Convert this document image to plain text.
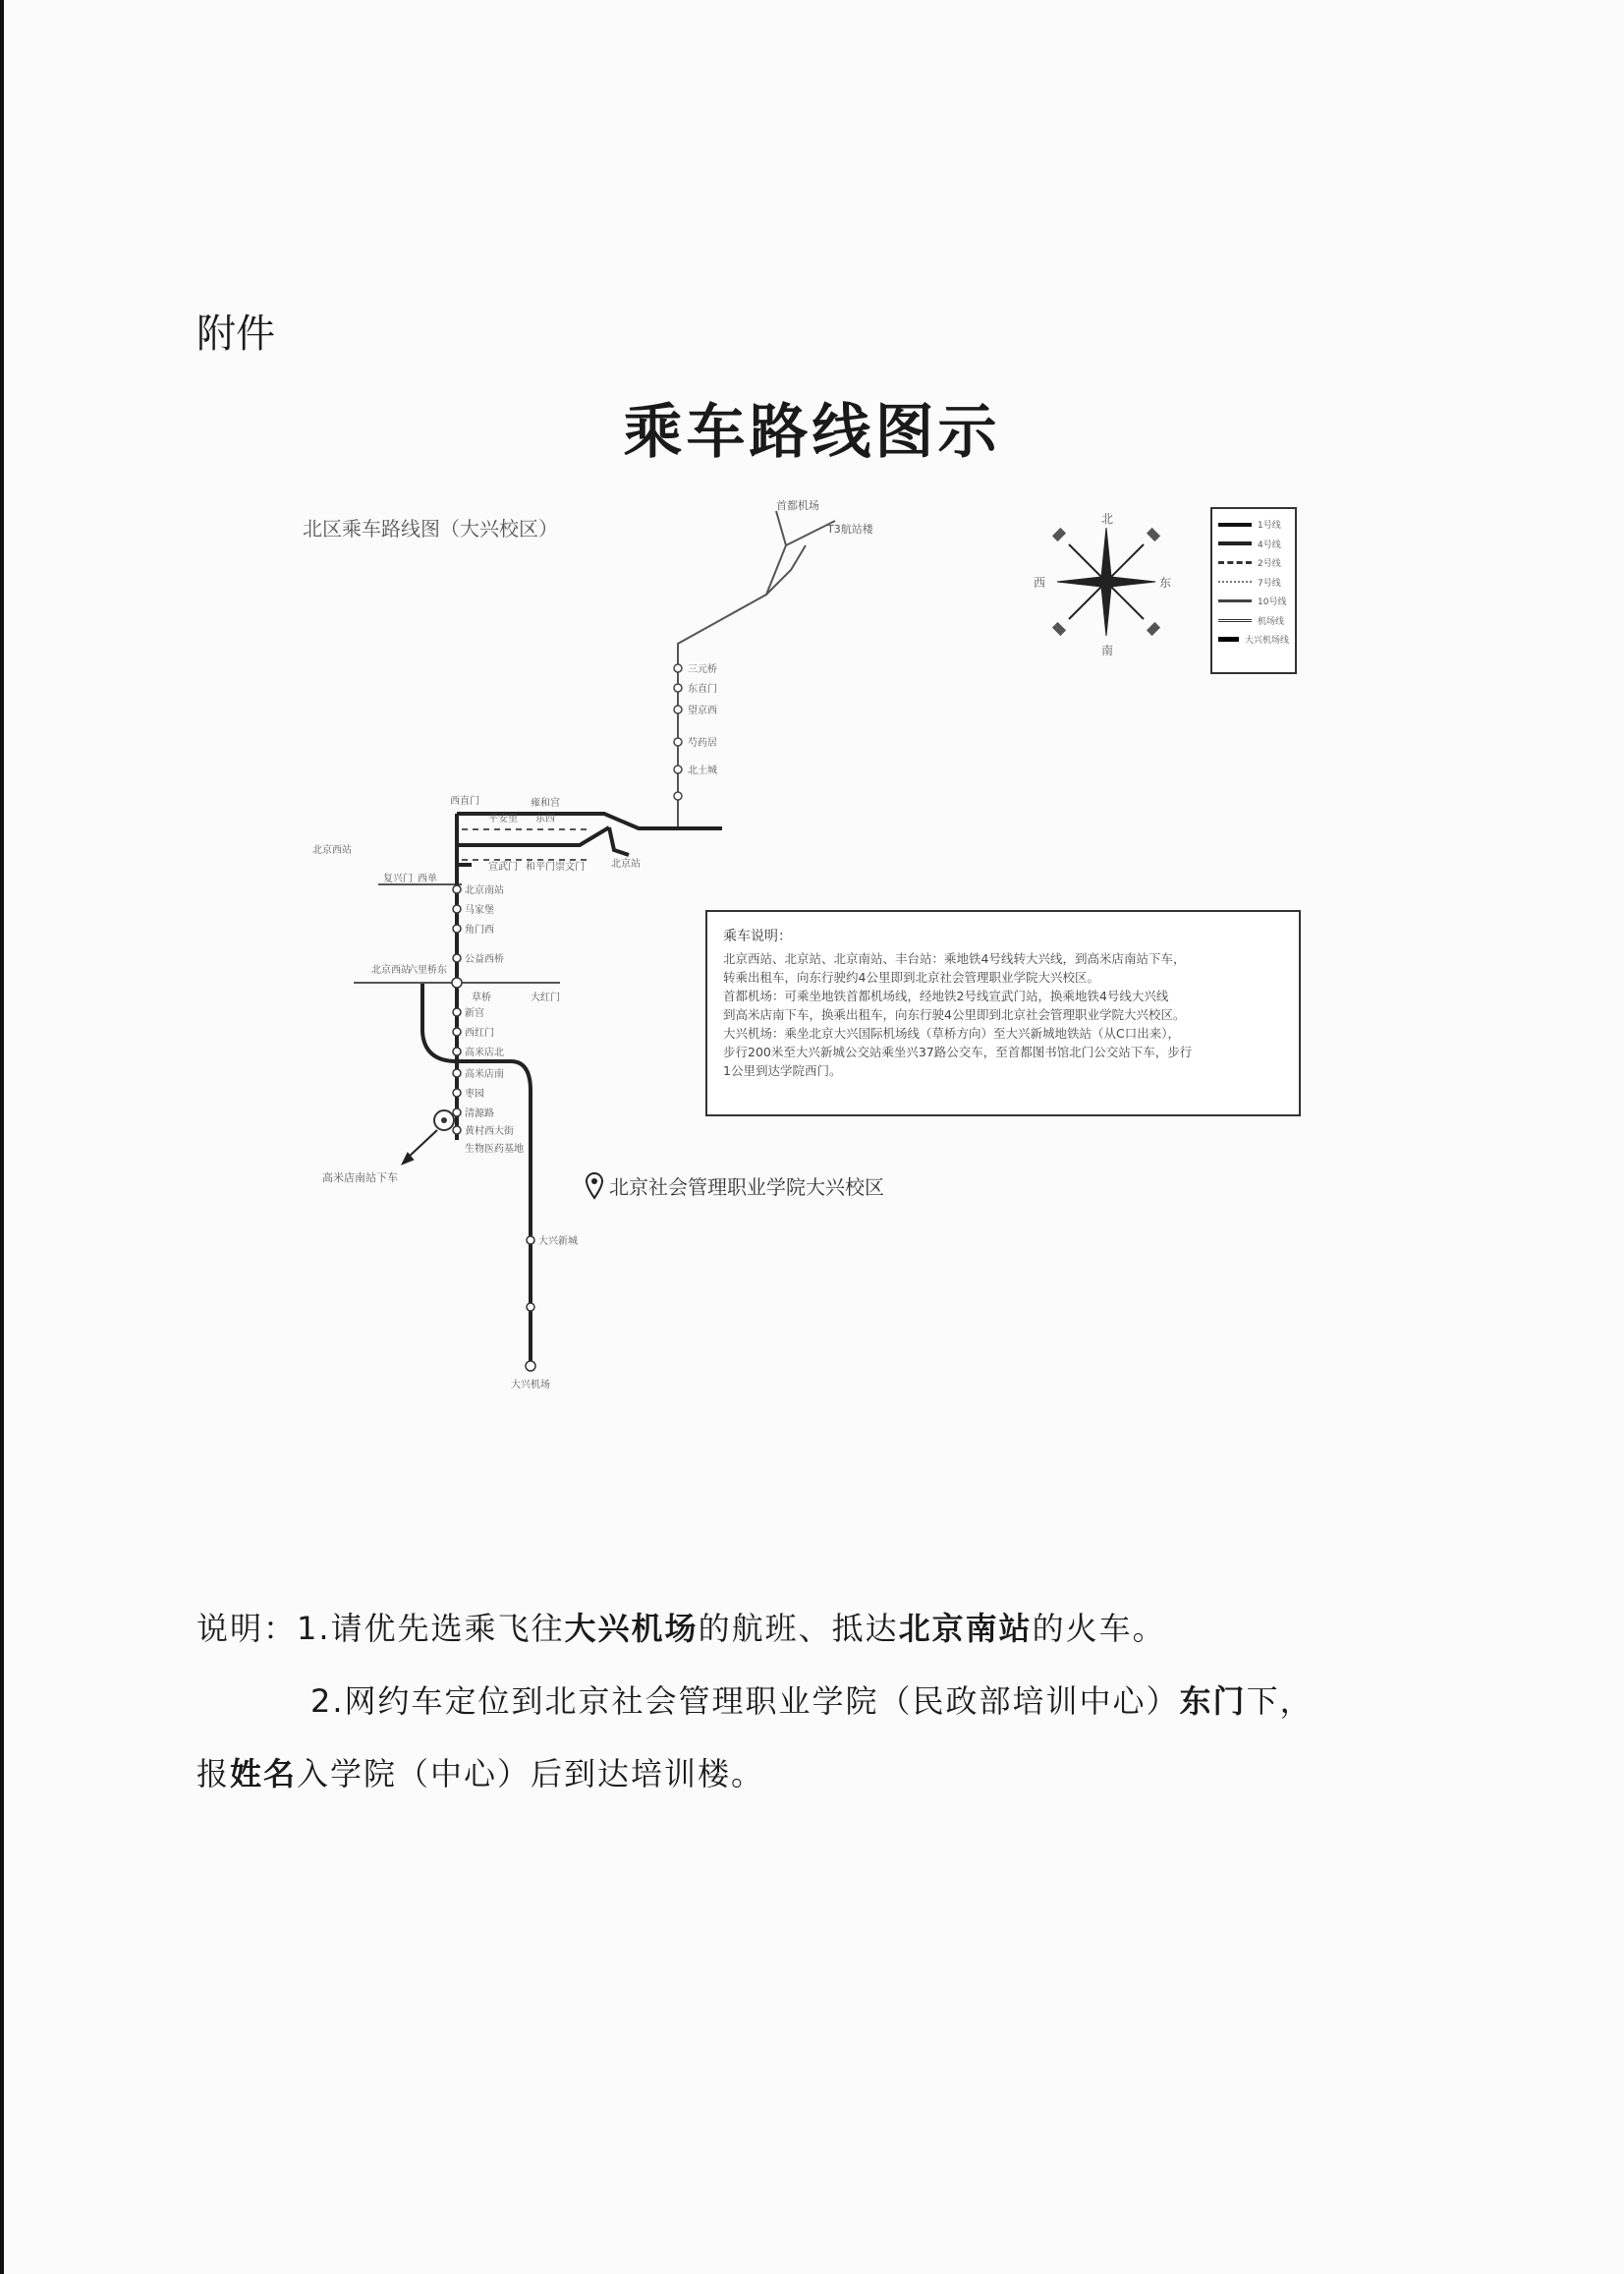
附件
乘车路线图示
北区乘车路线图（大兴校区）
首都机场
T3航站楼
三元桥
东直门
望京西
芍药居
北土城
西直门
平安里 东四
雍和宫
宣武门 和平门 崇文门	北京站
复兴门 西单
北京西站
北京西站
六里桥东
草桥	大红门
北京南站
马家堡
角门西
公益西桥
新宫
西红门
高米店北
高米店南
枣园
清源路
黄村西大街
生物医药基地
大兴新城
大兴机场
高米店南站下车
北
南
西	东
1号线
4号线
2号线
7号线
10号线
机场线
大兴机场线
乘车说明：
北京西站、北京站、北京南站、丰台站：乘地铁4号线转大兴线，到高米店南站下车，
转乘出租车，向东行驶约4公里即到北京社会管理职业学院大兴校区。
首都机场：可乘坐地铁首都机场线，经地铁2号线宣武门站，换乘地铁4号线大兴线
到高米店南下车，换乘出租车，向东行驶4公里即到北京社会管理职业学院大兴校区。
大兴机场：乘坐北京大兴国际机场线（草桥方向）至大兴新城地铁站（从C口出来），
步行200米至大兴新城公交站乘坐兴37路公交车，至首都图书馆北门公交站下车，步行
1公里到达学院西门。
北京社会管理职业学院大兴校区
说明：1.请优先选乘飞往大兴机场的航班、抵达北京南站的火车。
2.网约车定位到北京社会管理职业学院（民政部培训中心）东门下，
报姓名入学院（中心）后到达培训楼。
